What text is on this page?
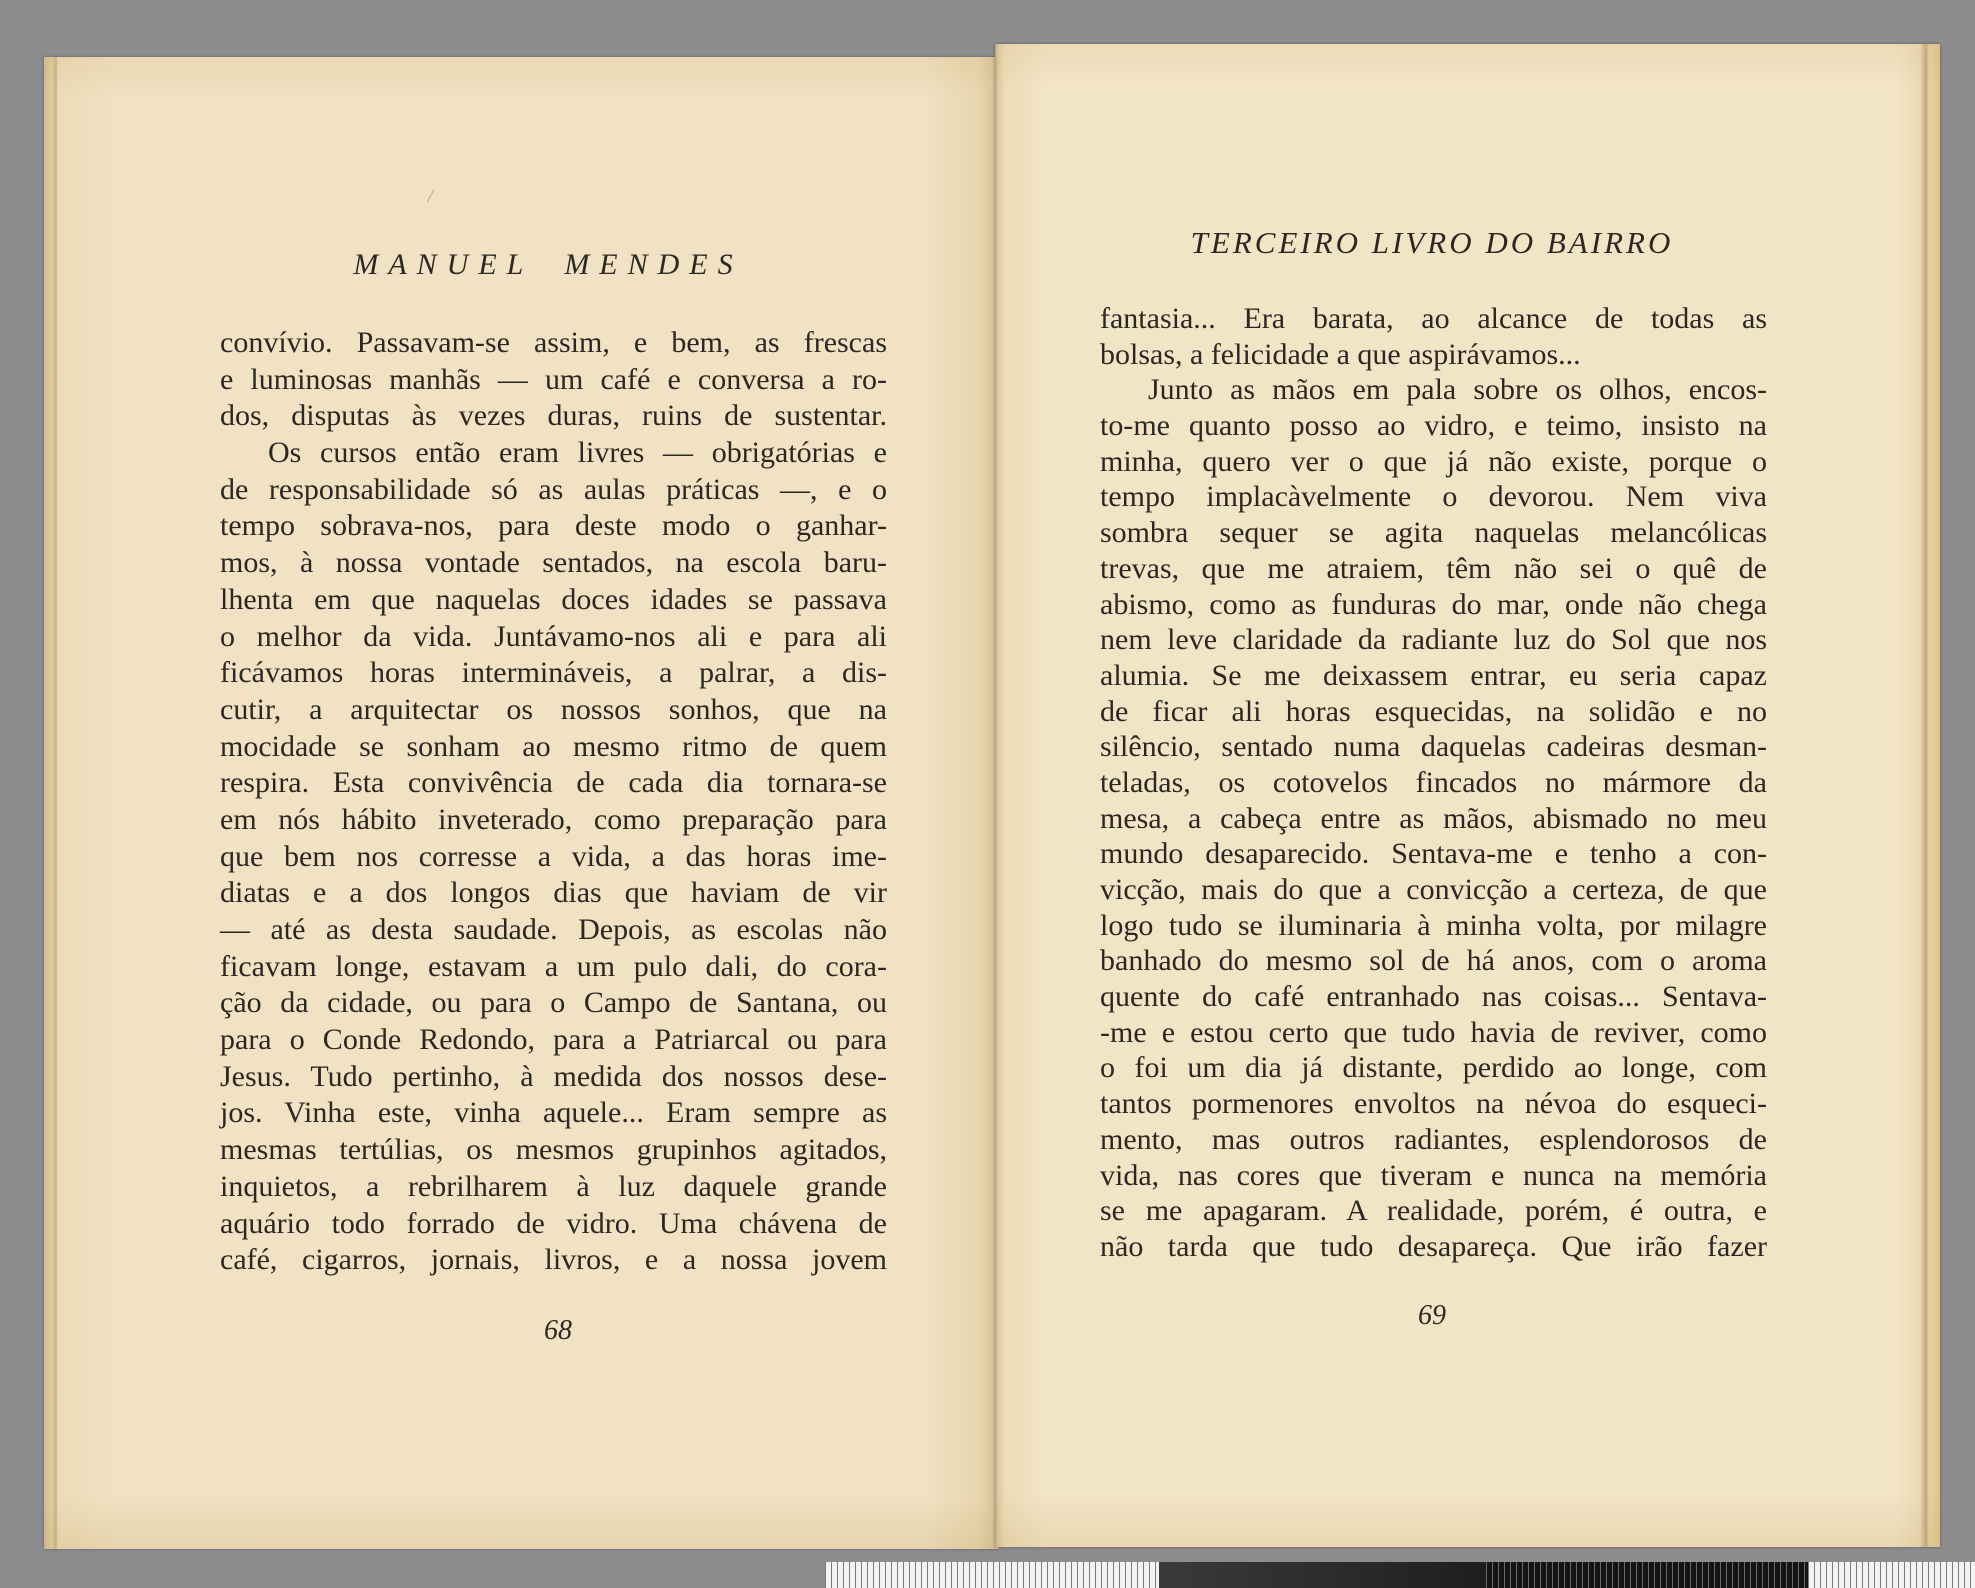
MANUEL MENDES
convívio. Passavam-se assim, e bem, as frescas
e luminosas manhãs — um café e conversa a ro-
dos, disputas às vezes duras, ruins de sustentar.
Os cursos então eram livres — obrigatórias e
de responsabilidade só as aulas práticas —, e o
tempo sobrava-nos, para deste modo o ganhar-
mos, à nossa vontade sentados, na escola baru-
lhenta em que naquelas doces idades se passava
o melhor da vida. Juntávamo-nos ali e para ali
ficávamos horas intermináveis, a palrar, a dis-
cutir, a arquitectar os nossos sonhos, que na
mocidade se sonham ao mesmo ritmo de quem
respira. Esta convivência de cada dia tornara-se
em nós hábito inveterado, como preparação para
que bem nos corresse a vida, a das horas ime-
diatas e a dos longos dias que haviam de vir
— até as desta saudade. Depois, as escolas não
ficavam longe, estavam a um pulo dali, do cora-
ção da cidade, ou para o Campo de Santana, ou
para o Conde Redondo, para a Patriarcal ou para
Jesus. Tudo pertinho, à medida dos nossos dese-
jos. Vinha este, vinha aquele... Eram sempre as
mesmas tertúlias, os mesmos grupinhos agitados,
inquietos, a rebrilharem à luz daquele grande
aquário todo forrado de vidro. Uma chávena de
café, cigarros, jornais, livros, e a nossa jovem
68
TERCEIRO LIVRO DO BAIRRO
fantasia... Era barata, ao alcance de todas as
bolsas, a felicidade a que aspirávamos...
Junto as mãos em pala sobre os olhos, encos-
to-me quanto posso ao vidro, e teimo, insisto na
minha, quero ver o que já não existe, porque o
tempo implacàvelmente o devorou. Nem viva
sombra sequer se agita naquelas melancólicas
trevas, que me atraiem, têm não sei o quê de
abismo, como as funduras do mar, onde não chega
nem leve claridade da radiante luz do Sol que nos
alumia. Se me deixassem entrar, eu seria capaz
de ficar ali horas esquecidas, na solidão e no
silêncio, sentado numa daquelas cadeiras desman-
teladas, os cotovelos fincados no mármore da
mesa, a cabeça entre as mãos, abismado no meu
mundo desaparecido. Sentava-me e tenho a con-
vicção, mais do que a convicção a certeza, de que
logo tudo se iluminaria à minha volta, por milagre
banhado do mesmo sol de há anos, com o aroma
quente do café entranhado nas coisas... Sentava-
-me e estou certo que tudo havia de reviver, como
o foi um dia já distante, perdido ao longe, com
tantos pormenores envoltos na névoa do esqueci-
mento, mas outros radiantes, esplendorosos de
vida, nas cores que tiveram e nunca na memória
se me apagaram. A realidade, porém, é outra, e
não tarda que tudo desapareça. Que irão fazer
69
